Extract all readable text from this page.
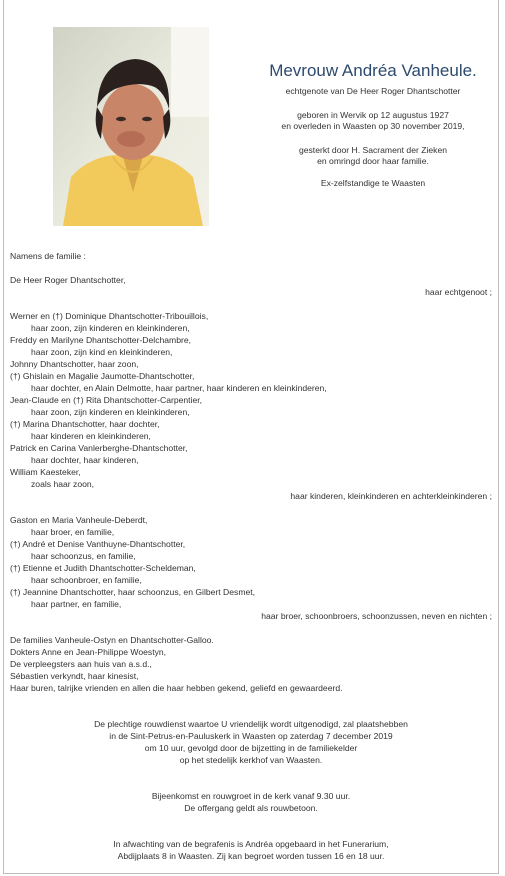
Mevrouw Andréa Vanheule.
echtgenote van De Heer Roger Dhantschotter
geboren in Wervik op 12 augustus 1927
en overleden in Waasten op 30 november 2019,
gesterkt door H. Sacrament der Zieken
en omringd door haar familie.
Ex-zelfstandige te Waasten
Namens de familie :
De Heer Roger Dhantschotter,
haar echtgenoot ;
Werner en (†) Dominique Dhantschotter-Tribouillois,
haar zoon, zijn kinderen en kleinkinderen,
Freddy en Marilyne Dhantschotter-Delchambre,
haar zoon, zijn kind en kleinkinderen,
Johnny Dhantschotter, haar zoon,
(†) Ghislain en Magalie Jaumotte-Dhantschotter,
haar dochter, en Alain Delmotte, haar partner, haar kinderen en kleinkinderen,
Jean-Claude en (†) Rita Dhantschotter-Carpentier,
haar zoon, zijn kinderen en kleinkinderen,
(†) Marina Dhantschotter, haar dochter,
haar kinderen en kleinkinderen,
Patrick en Carina Vanlerberghe-Dhantschotter,
haar dochter, haar kinderen,
William Kaesteker,
zoals haar zoon,
haar kinderen, kleinkinderen en achterkleinkinderen ;
Gaston en Maria Vanheule-Deberdt,
haar broer, en familie,
(†) André et Denise Vanthuyne-Dhantschotter,
haar schoonzus, en familie,
(†) Etienne et Judith Dhantschotter-Scheldeman,
haar schoonbroer, en familie,
(†) Jeannine Dhantschotter, haar schoonzus, en Gilbert Desmet,
haar partner, en familie,
haar broer, schoonbroers, schoonzussen, neven en nichten ;
De families Vanheule-Ostyn en Dhantschotter-Galloo.
Dokters Anne en Jean-Philippe Woestyn,
De verpleegsters aan huis van a.s.d.,
Sébastien verkyndt, haar kinesist,
Haar buren, talrijke vrienden en allen die haar hebben gekend, geliefd en gewaardeerd.
De plechtige rouwdienst waartoe U vriendelijk wordt uitgenodigd, zal plaatshebben
in de Sint-Petrus-en-Pauluskerk in Waasten op zaterdag 7 december 2019
om 10 uur, gevolgd door de bijzetting in de familiekelder
op het stedelijk kerkhof van Waasten.
Bijeenkomst en rouwgroet in de kerk vanaf 9.30 uur.
De offergang geldt als rouwbetoon.
In afwachting van de begrafenis is Andréa opgebaard in het Funerarium,
Abdijplaats 8 in Waasten. Zij kan begroet worden tussen 16 en 18 uur.
